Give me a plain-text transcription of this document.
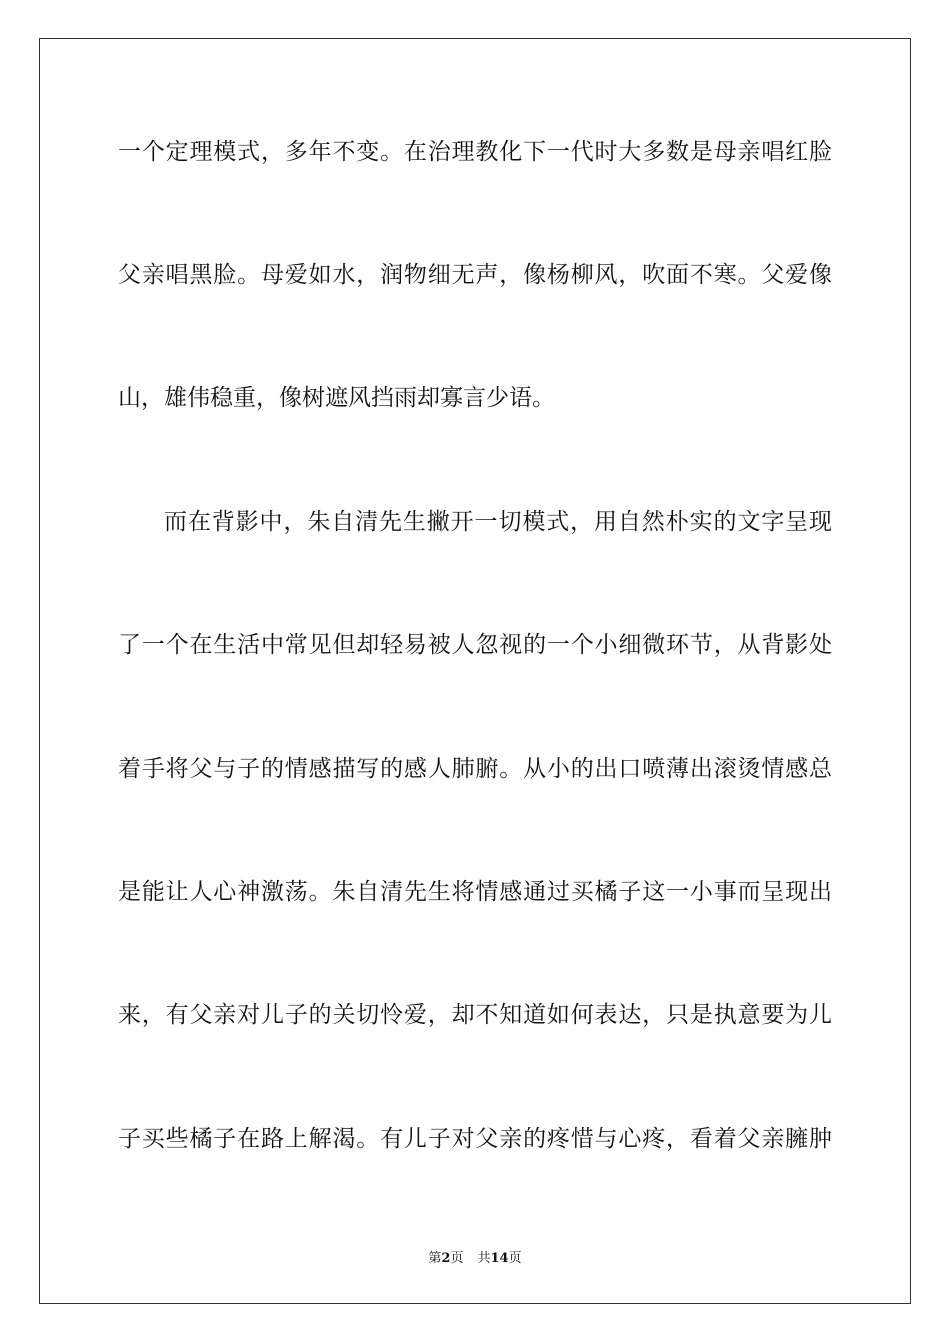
一个定理模式，多年不变。在治理教化下一代时大多数是母亲唱红脸
父亲唱黑脸。母爱如水，润物细无声，像杨柳风，吹面不寒。父爱像
山，雄伟稳重，像树遮风挡雨却寡言少语。
而在背影中，朱自清先生撇开一切模式，用自然朴实的文字呈现
了一个在生活中常见但却轻易被人忽视的一个小细微环节，从背影处
着手将父与子的情感描写的感人肺腑。从小的出口喷薄出滚烫情感总
是能让人心神激荡。朱自清先生将情感通过买橘子这一小事而呈现出
来，有父亲对儿子的关切怜爱，却不知道如何表达，只是执意要为儿
子买些橘子在路上解渴。有儿子对父亲的疼惜与心疼，看着父亲臃肿
第2页 共14页
